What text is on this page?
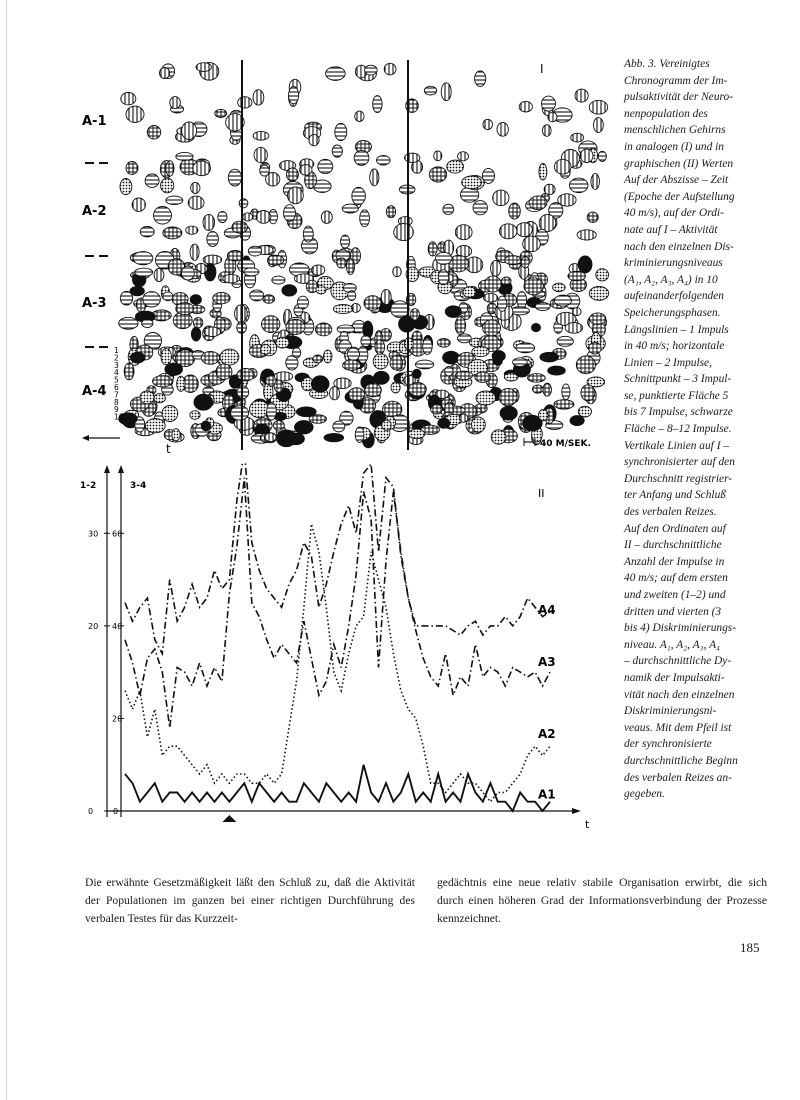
I
A-1
A-2
A-3
A-4
1
2
3
4
5
6
7
8
9
10
t	40 M/SEK.
II
1-2	3-4
t
30
20
0
60
40
20
0
A4
A3
A2
A1

Abb. 3. Vereinigtes

Chronogramm der Im-

pulsaktivität der Neuro-

nenpopulation des

menschlichen Gehirns

in analogen (I) und in

graphischen (II) Werten

Auf der Abszisse – Zeit

(Epoche der Aufstellung

40 m/s), auf der Ordi-

nate auf I – Aktivität

nach den einzelnen Dis-

kriminierungsniveaus

(A₁, A₂, A₃, A₄) in 10

aufeinanderfolgenden

Speicherungsphasen.

Längslinien – 1 Impuls

in 40 m/s; horizontale

Linien – 2 Impulse,

Schnittpunkt – 3 Impul-

se, punktierte Fläche 5

bis 7 Impulse, schwarze

Fläche – 8–12 Impulse.

Vertikale Linien auf I –

synchronisierter auf den

Durchschnitt registrier-

ter Anfang und Schluß

des verbalen Reizes.

Auf den Ordinaten auf

II – durchschnittliche

Anzahl der Impulse in

40 m/s; auf dem ersten

und zweiten (1–2) und

dritten und vierten (3

bis 4) Diskriminierungs-

niveau. A₁, A₂, A₃, A₄

– durchschnittliche Dy-

namik der Impulsakti-

vität nach den einzelnen

Diskriminierungsni-

veaus. Mit dem Pfeil ist

der synchronisierte

durchschnittliche Beginn

des verbalen Reizes an-

gegeben.

Die erwähnte Gesetzmäßigkeit läßt den Schluß zu, daß die Aktivität der Populationen im ganzen bei einer richtigen Durchführung des verbalen Testes für das Kurzzeit-
gedächtnis eine neue relativ stabile Organisation erwirbt, die sich durch einen höheren Grad der Informationsverbindung der Prozesse kennzeichnet.
185
